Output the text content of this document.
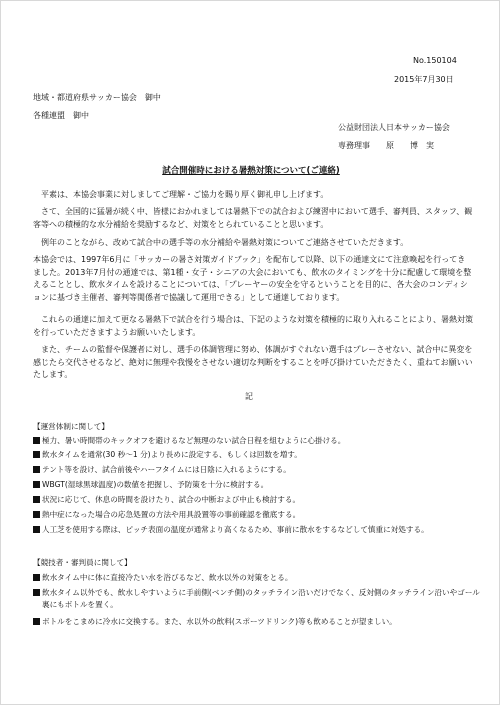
No.150104
2015年7月30日
地域・都道府県サッカー協会　御中
各種連盟　御中
公益財団法人日本サッカー協会
専務理事　　原　　博　実
試合開催時における暑熱対策について(ご連絡)
平素は、本協会事業に対しましてご理解・ご協力を賜り厚く御礼申し上げます。
さて、全国的に猛暑が続く中、皆様におかれましては暑熱下での試合および練習中において選手、審判員、スタッフ、観客等への積極的な水分補給を奨励するなど、対策をとられていることと思います。
例年のことながら、改めて試合中の選手等の水分補給や暑熱対策についてご連絡させていただきます。
本協会では、1997年6月に「サッカーの暑さ対策ガイドブック」を配布して以降、以下の通達文にて注意喚起を行ってきました。2013年7月付の通達では、第1種・女子・シニアの大会においても、飲水のタイミングを十分に配慮して環境を整えることとし、飲水タイムを設けることについては、「プレーヤーの安全を守るということを目的に、各大会のコンディションに基づき主催者、審判等関係者で協議して運用できる」として通達しております。
これらの通達に加えて更なる暑熱下で試合を行う場合は、下記のような対策を積極的に取り入れることにより、暑熱対策を行っていただきますようお願いいたします。
また、チームの監督や保護者に対し、選手の体調管理に努め、体調がすぐれない選手はプレーさせない、試合中に異変を感じたら交代させるなど、絶対に無理や我慢をさせない適切な判断をすることを呼び掛けていただきたく、重ねてお願いいたします。
記
【運営体制に関して】
極力、暑い時間帯のキックオフを避けるなど無理のない試合日程を組むように心掛ける。
飲水タイムを通常(30 秒～1 分)より長めに設定する、もしくは回数を増す。
テント等を設け、試合前後やハーフタイムには日陰に入れるようにする。
WBGT(湿球黒球温度)の数値を把握し、予防策を十分に検討する。
状況に応じて、休息の時間を設けたり、試合の中断および中止も検討する。
熱中症になった場合の応急処置の方法や用具設置等の事前確認を徹底する。
人工芝を使用する際は、ピッチ表面の温度が通常より高くなるため、事前に散水をするなどして慎重に対処する。
【競技者・審判員に関して】
飲水タイム中に体に直接冷たい水を浴びるなど、飲水以外の対策をとる。
飲水タイム以外でも、飲水しやすいように手前側(ベンチ側)のタッチライン沿いだけでなく、反対側のタッチライン沿いやゴール裏にもボトルを置く。
ボトルをこまめに冷水に交換する。また、水以外の飲料(スポーツドリンク)等も飲めることが望ましい。
